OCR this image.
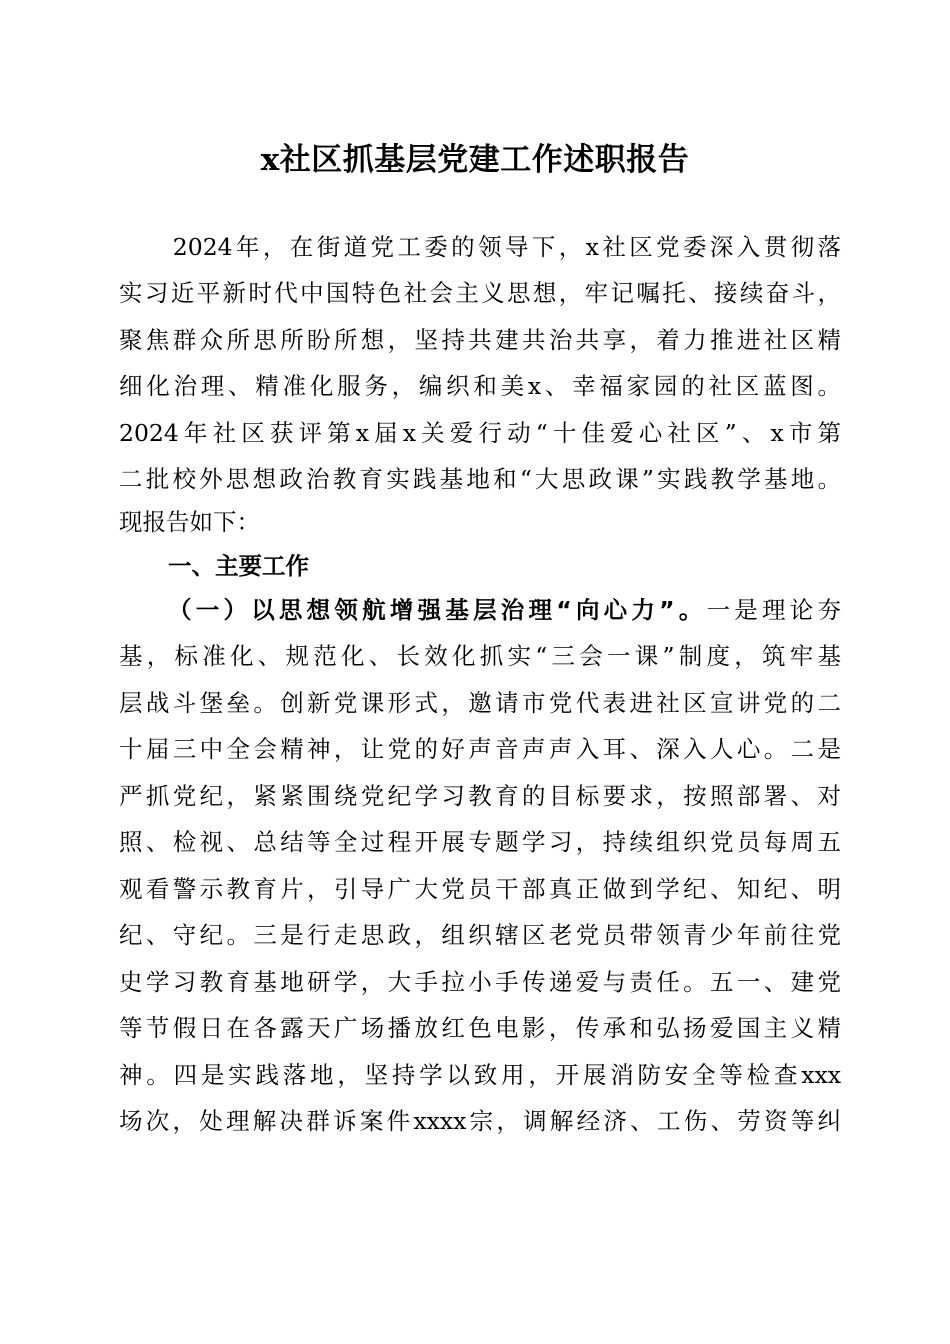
x社区抓基层党建工作述职报告
　　2024年，在街道党工委的领导下，x社区党委深入贯彻落
实习近平新时代中国特色社会主义思想，牢记嘱托、接续奋斗，
聚焦群众所思所盼所想，坚持共建共治共享，着力推进社区精
细化治理、精准化服务，编织和美x、幸福家园的社区蓝图。
2024年社区获评第x届x关爱行动“十佳爱心社区”、x市第
二批校外思想政治教育实践基地和“大思政课”实践教学基地。
现报告如下：
一、主要工作
（一）以思想领航增强基层治理“向心力”。一是理论夯
基，标准化、规范化、长效化抓实“三会一课”制度，筑牢基
层战斗堡垒。创新党课形式，邀请市党代表进社区宣讲党的二
十届三中全会精神，让党的好声音声声入耳、深入人心。二是
严抓党纪，紧紧围绕党纪学习教育的目标要求，按照部署、对
照、检视、总结等全过程开展专题学习，持续组织党员每周五
观看警示教育片，引导广大党员干部真正做到学纪、知纪、明
纪、守纪。三是行走思政，组织辖区老党员带领青少年前往党
史学习教育基地研学，大手拉小手传递爱与责任。五一、建党
等节假日在各露天广场播放红色电影，传承和弘扬爱国主义精
神。四是实践落地，坚持学以致用，开展消防安全等检查xxx
场次，处理解决群诉案件xxxx宗，调解经济、工伤、劳资等纠
